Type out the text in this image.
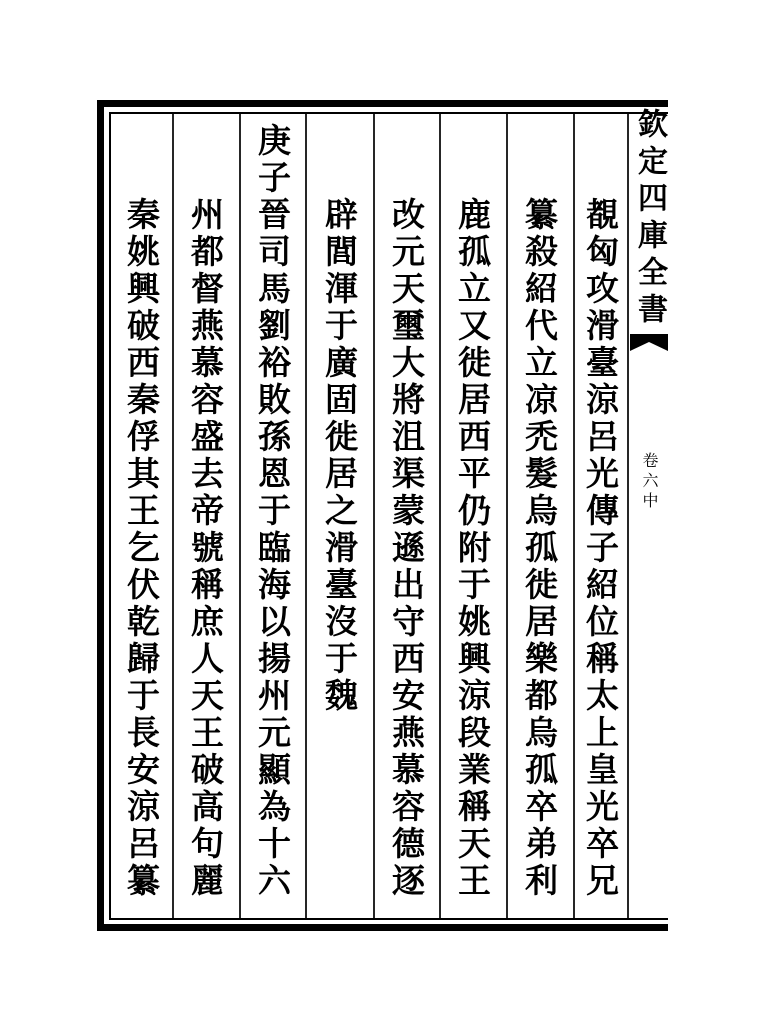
欽定四庫全書
卷六中
覩匈攻滑臺涼呂光傳子紹位稱太上皇光卒兄
纂殺紹代立凉禿髮烏孤徙居樂都烏孤卒弟利
鹿孤立又徙居西平仍附于姚興涼段業稱天王
改元天璽大將沮渠蒙遜出守西安燕慕容德逐
辟閭渾于廣固徙居之滑臺沒于魏
庚子晉司馬劉裕敗孫恩于臨海以揚州元顯為十六
州都督燕慕容盛去帝號稱庶人天王破高句麗
秦姚興破西秦俘其王乞伏乾歸于長安涼呂纂
